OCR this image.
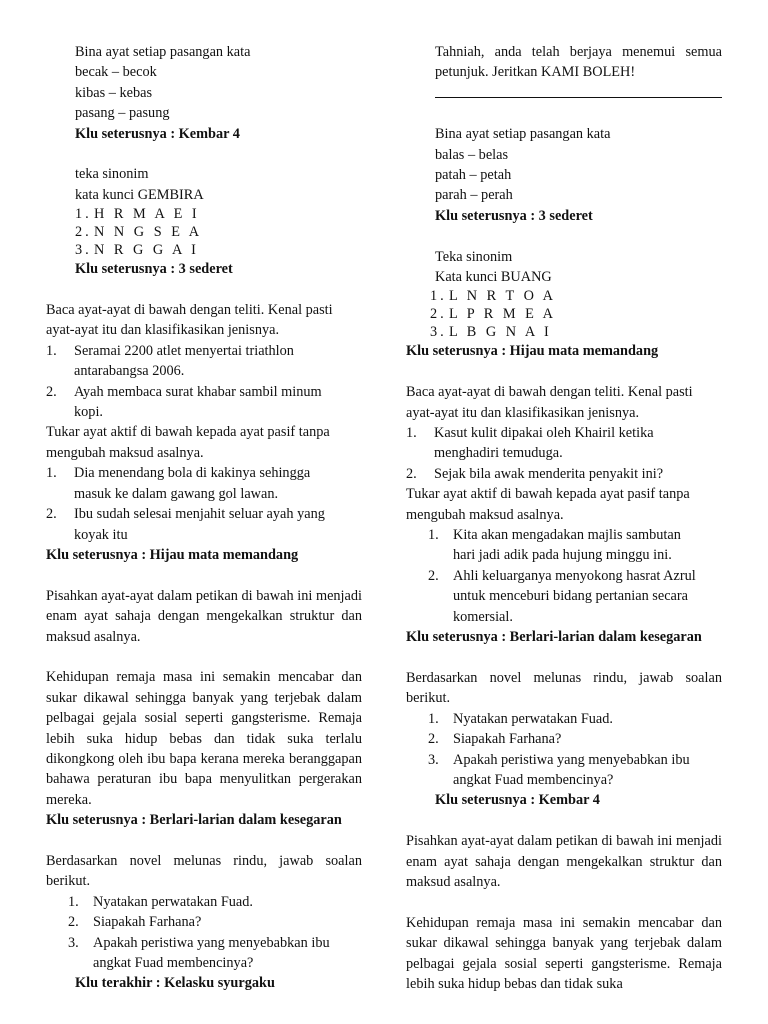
Bina ayat setiap pasangan kata

becak – becok

kibas – kebas

pasang – pasung

Klu seterusnya : Kembar 4

teka sinonim

kata kunci GEMBIRA

1. H R M A E I
2. N N G S E A
3. N R G G A I

Klu seterusnya : 3 sederet

Baca ayat-ayat di bawah dengan teliti. Kenal pasti

ayat-ayat itu dan klasifikasikan jenisnya.

1. Seramai 2200 atlet menyertai triathlon
antarabangsa 2006.
2. Ayah membaca surat khabar sambil minum
kopi.

Tukar ayat aktif di bawah kepada ayat pasif tanpa

mengubah maksud asalnya.

1. Dia menendang bola di kakinya sehingga
masuk ke dalam gawang gol lawan.
2. Ibu sudah selesai menjahit seluar ayah yang
koyak itu

Klu seterusnya : Hijau mata memandang

Pisahkan ayat-ayat dalam petikan di bawah ini menjadi enam ayat sahaja dengan mengekalkan struktur dan maksud asalnya.

Kehidupan remaja masa ini semakin mencabar dan sukar dikawal sehingga banyak yang terjebak dalam pelbagai gejala sosial seperti gangsterisme. Remaja lebih suka hidup bebas dan tidak suka terlalu dikongkong oleh ibu bapa kerana mereka beranggapan bahawa peraturan ibu bapa menyulitkan pergerakan mereka.

Klu seterusnya : Berlari-larian dalam kesegaran

Berdasarkan novel melunas rindu, jawab soalan berikut.

1. Nyatakan perwatakan Fuad.
2. Siapakah Farhana?
3. Apakah peristiwa yang menyebabkan ibu
angkat Fuad membencinya?

Klu terakhir : Kelasku syurgaku

Tahniah, anda telah berjaya menemui semua

petunjuk. Jeritkan KAMI BOLEH!

Bina ayat setiap pasangan kata

balas – belas

patah – petah

parah – perah

Klu seterusnya : 3 sederet

Teka sinonim

Kata kunci BUANG

1. L N R T O A
2. L P R M E A
3. L B G N A I

Klu seterusnya : Hijau mata memandang

Baca ayat-ayat di bawah dengan teliti. Kenal pasti

ayat-ayat itu dan klasifikasikan jenisnya.

1. Kasut kulit dipakai oleh Khairil ketika
menghadiri temuduga.
2. Sejak bila awak menderita penyakit ini?

Tukar ayat aktif di bawah kepada ayat pasif tanpa

mengubah maksud asalnya.

1. Kita akan mengadakan majlis sambutan
hari jadi adik pada hujung minggu ini.
2. Ahli keluarganya menyokong hasrat Azrul
untuk menceburi bidang pertanian secara
komersial.

Klu seterusnya : Berlari-larian dalam kesegaran

Berdasarkan novel melunas rindu, jawab soalan berikut.

1. Nyatakan perwatakan Fuad.
2. Siapakah Farhana?
3. Apakah peristiwa yang menyebabkan ibu
angkat Fuad membencinya?

Klu seterusnya : Kembar 4

Pisahkan ayat-ayat dalam petikan di bawah ini menjadi enam ayat sahaja dengan mengekalkan struktur dan maksud asalnya.

Kehidupan remaja masa ini semakin mencabar dan sukar dikawal sehingga banyak yang terjebak dalam pelbagai gejala sosial seperti gangsterisme. Remaja lebih suka hidup bebas dan tidak suka
